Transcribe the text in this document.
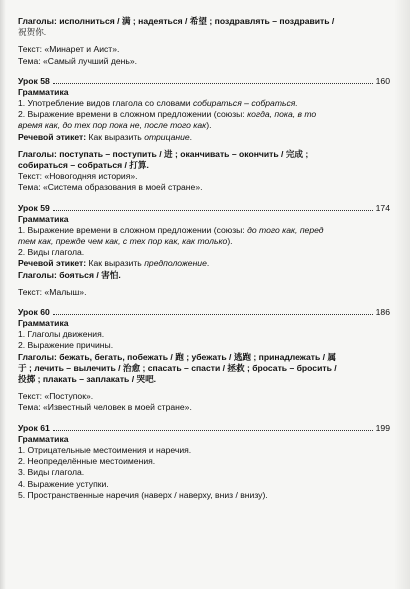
Глаголы: исполниться / 满 ; надеяться / 希望 ; поздравлять – поздравить /
祝贺你.
Текст: «Минарет и Аист».
Тема: «Самый лучший день».
Урок 58	160
Грамматика
1. Употребление видов глагола со словами собираться – собраться.
2. Выражение времени в сложном предложении (союзы: когда, пока, в то
время как, до тех пор пока не, после того как).
Речевой этикет: Как выразить отрицание.
Глаголы: поступать – поступить / 进 ; оканчивать – окончить / 完成 ;
собираться – собраться / 打算.
Текст: «Новогодняя история».
Тема: «Система образования в моей стране».
Урок 59	174
Грамматика
1. Выражение времени в сложном предложении (союзы: до того как, перед
тем как, прежде чем как, с тех пор как, как только).
2. Виды глагола.
Речевой этикет: Как выразить предположение.
Глаголы: бояться / 害怕.
Текст: «Малыш».
Урок 60	186
Грамматика
1. Глаголы движения.
2. Выражение причины.
Глаголы: бежать, бегать, побежать / 跑 ; убежать / 逃跑 ; принадлежать / 属
于 ; лечить – вылечить / 治愈 ; спасать – спасти / 拯救 ; бросать – бросить /
投掷 ; плакать – заплакать / 哭吧.
Текст: «Поступок».
Тема: «Известный человек в моей стране».
Урок 61	199
Грамматика
1. Отрицательные местоимения и наречия.
2. Неопределённые местоимения.
3. Виды глагола.
4. Выражение уступки.
5. Пространственные наречия (наверх / наверху, вниз / внизу).
